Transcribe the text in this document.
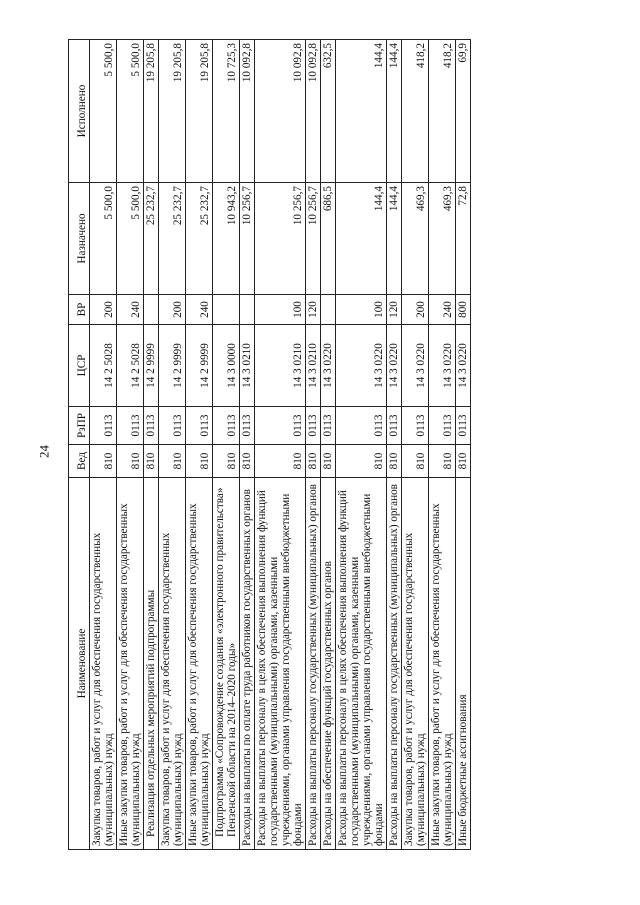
24
Наименование	Вед	РзПР	ЦСР	ВР	Назначено	Исполнено
Закупка товаров, работ и услуг для обеспечения государственных (муниципальных) нужд	810	0113	14 2 5028	200	5 500,0	5 500,0
Иные закупки товаров, работ и услуг для обеспечения государственных (муниципальных) нужд	810	0113	14 2 5028	240	5 500,0	5 500,0
Реализация отдельных мероприятий подпрограммы	810	0113	14 2 9999		25 232,7	19 205,8
Закупка товаров, работ и услуг для обеспечения государственных (муниципальных) нужд	810	0113	14 2 9999	200	25 232,7	19 205,8
Иные закупки товаров, работ и услуг для обеспечения государственных (муниципальных) нужд	810	0113	14 2 9999	240	25 232,7	19 205,8
Подпрограмма «Сопровождение создания «электронного правительства» Пензенской области на 2014–2020 годы»	810	0113	14 3 0000		10 943,2	10 725,3
Расходы на выплаты по оплате труда работников государственных органов	810	0113	14 3 0210		10 256,7	10 092,8
Расходы на выплаты персоналу в целях обеспечения выполнения функций государственными (муниципальными) органами, казенными учреждениями, органами управления государственными внебюджетными фондами	810	0113	14 3 0210	100	10 256,7	10 092,8
Расходы на выплаты персоналу государственных (муниципальных) органов	810	0113	14 3 0210	120	10 256,7	10 092,8
Расходы на обеспечение функций государственных органов	810	0113	14 3 0220		686,5	632,5
Расходы на выплаты персоналу в целях обеспечения выполнения функций государственными (муниципальными) органами, казенными учреждениями, органами управления государственными внебюджетными фондами	810	0113	14 3 0220	100	144,4	144,4
Расходы на выплаты персоналу государственных (муниципальных) органов	810	0113	14 3 0220	120	144,4	144,4
Закупка товаров, работ и услуг для обеспечения государственных (муниципальных) нужд	810	0113	14 3 0220	200	469,3	418,2
Иные закупки товаров, работ и услуг для обеспечения государственных (муниципальных) нужд	810	0113	14 3 0220	240	469,3	418,2
Иные бюджетные ассигнования	810	0113	14 3 0220	800	72,8	69,9
